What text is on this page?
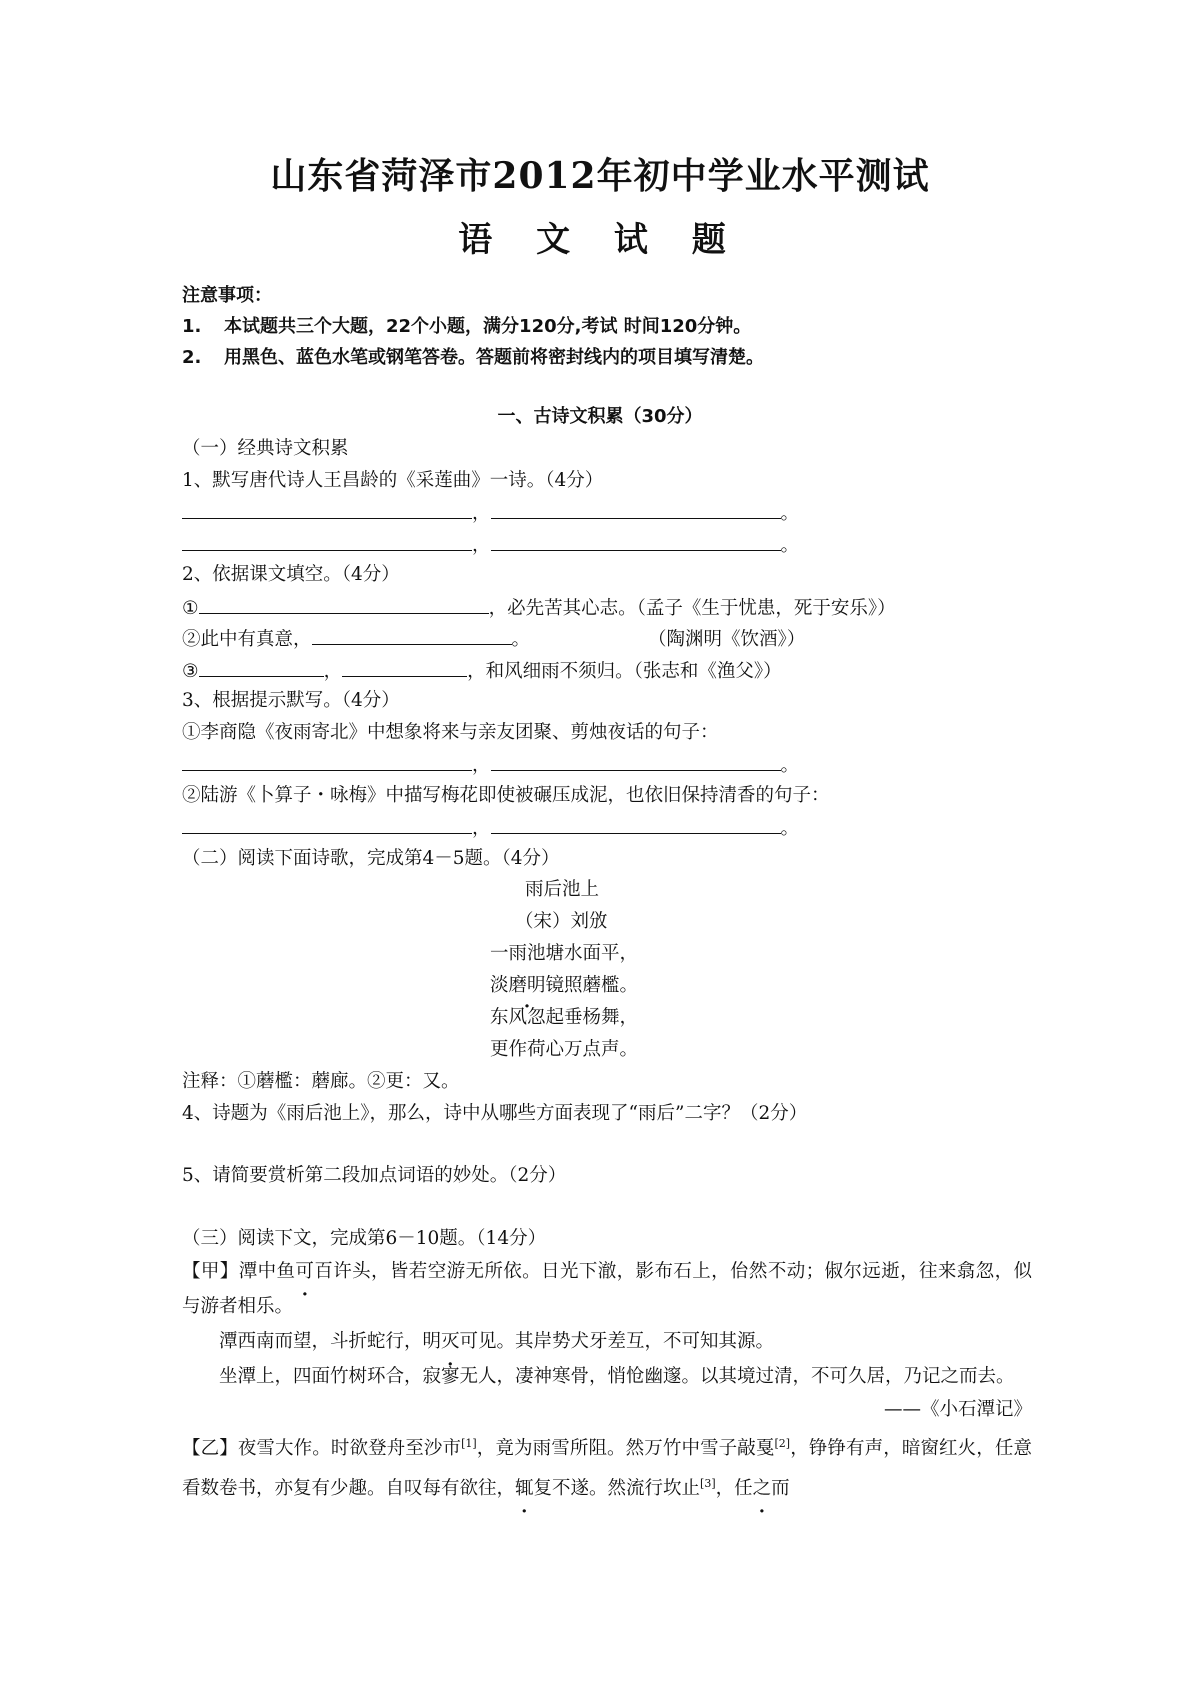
山东省菏泽市2012年初中学业水平测试
语 文 试 题
注意事项：
1. 本试题共三个大题，22个小题，满分120分,考试 时间120分钟。
2. 用黑色、蓝色水笔或钢笔答卷。答题前将密封线内的项目填写清楚。
一、古诗文积累（30分）
（一）经典诗文积累
1、默写唐代诗人王昌龄的《采莲曲》一诗。（4分）
，	。
，	。
2、依据课文填空。（4分）
①	，必先苦其心志。（孟子《生于忧患，死于安乐》）
②此中有真意，	。	（陶渊明《饮酒》）
③	，	，和风细雨不须归。（张志和《渔父》）
3、根据提示默写。（4分）
①李商隐《夜雨寄北》中想象将来与亲友团聚、剪烛夜话的句子：
，	。
②陆游《卜算子・咏梅》中描写梅花即使被碾压成泥，也依旧保持清香的句子：
，	。
（二）阅读下面诗歌，完成第4－5题。（4分）
雨后池上
（宋）刘攽
一雨池塘水面平，
淡磨明镜照蘑檻。
东风忽起垂杨舞，
更作荷心万点声。
注释：①蘑檻：蘑廊。②更：又。
4、诗题为《雨后池上》，那么，诗中从哪些方面表现了“雨后”二字？（2分）
5、请简要赏析第二段加点词语的妙处。（2分）
（三）阅读下文，完成第6－10题。（14分）
【甲】潭中鱼可百许头，皆若空游无所依。日光下澈，影布石上，佁然不动；俶尔远逝，往来翕忽，似与游者相乐。
潭西南而望，斗折蛇行，明灭可见。其岸势犬牙差互，不可知其源。
坐潭上，四面竹树环合，寂寥无人，凄神寒骨，悄怆幽邃。以其境过清，不可久居，乃记之而去。
——《小石潭记》
【乙】夜雪大作。时欲登舟至沙市[1]，竟为雨雪所阻。然万竹中雪子敲戛[2]，铮铮有声，暗窗红火，任意看数卷书，亦复有少趣。自叹每有欲往，辄复不遂。然流行坎止[3]，任之而
